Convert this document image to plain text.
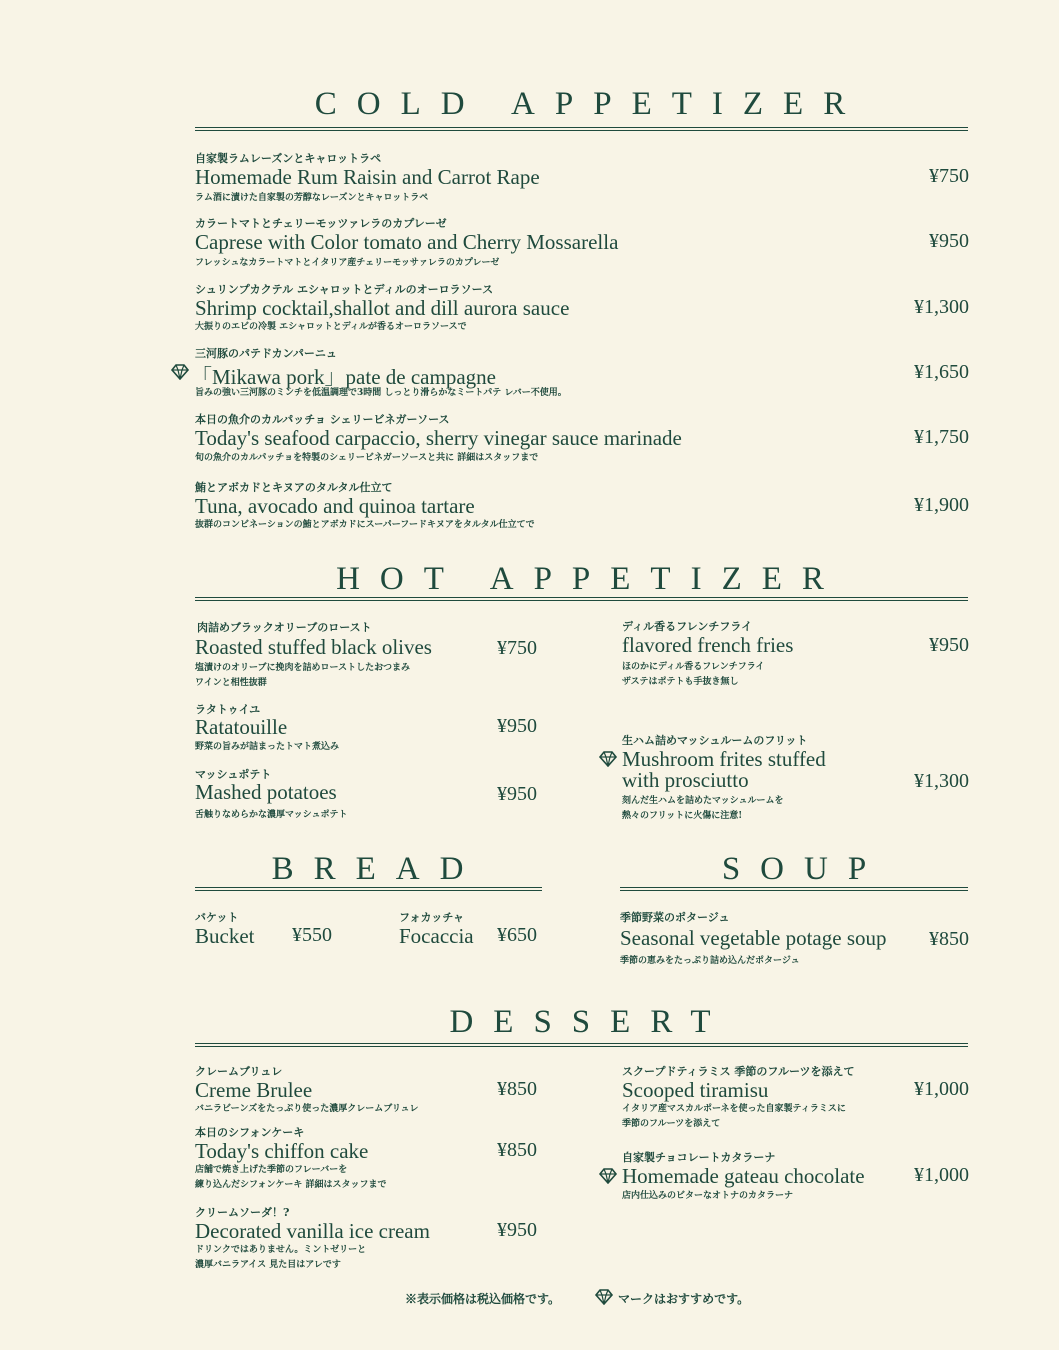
COLD APPETIZER
自家製ラムレーズンとキャロットラペ
Homemade Rum Raisin and Carrot Rape	¥750
ラム酒に漬けた自家製の芳醇なレーズンとキャロットラペ
カラートマトとチェリーモッツァレラのカプレーゼ
Caprese with Color tomato and Cherry Mossarella	¥950
フレッシュなカラートマトとイタリア産チェリーモッサァレラのカプレーゼ
シュリンプカクテル エシャロットとディルのオーロラソース
Shrimp cocktail,shallot and dill aurora sauce	¥1,300
大振りのエビの冷製 エシャロットとディルが香るオーロラソースで
三河豚のパテドカンパーニュ
「Mikawa pork」pate de campagne	¥1,650
旨みの強い三河豚のミンチを低温調理で3時間 しっとり滑らかなミートパテ レバー不使用。
本日の魚介のカルパッチョ シェリービネガーソース
Today's seafood carpaccio, sherry vinegar sauce marinade	¥1,750
旬の魚介のカルパッチョを特製のシェリービネガーソースと共に 詳細はスタッフまで
鮪とアボカドとキヌアのタルタル仕立て
Tuna, avocado and quinoa tartare	¥1,900
抜群のコンビネーションの鮪とアボカドにスーパーフードキヌアをタルタル仕立てで
HOT APPETIZER
肉詰めブラックオリーブのロースト
Roasted stuffed black olives	¥750
塩漬けのオリーブに挽肉を詰めローストしたおつまみ
ワインと相性抜群
ラタトゥイユ
Ratatouille	¥950
野菜の旨みが詰まったトマト煮込み
マッシュポテト
Mashed potatoes	¥950
舌触りなめらかな濃厚マッシュポテト
ディル香るフレンチフライ
flavored french fries	¥950
ほのかにディル香るフレンチフライ
ザステはポテトも手抜き無し
生ハム詰めマッシュルームのフリット
Mushroom frites stuffed
with prosciutto	¥1,300
刻んだ生ハムを詰めたマッシュルームを
熱々のフリットに火傷に注意!
BREAD
バケット
Bucket ¥550
フォカッチャ
Focaccia ¥650
SOUP
季節野菜のポタージュ
Seasonal vegetable potage soup ¥850
季節の恵みをたっぷり詰め込んだポタージュ
DESSERT
クレームブリュレ
Creme Brulee	¥850
バニラビーンズをたっぷり使った濃厚クレームブリュレ
本日のシフォンケーキ
Today's chiffon cake	¥850
店舗で焼き上げた季節のフレーバーを
練り込んだシフォンケーキ 詳細はスタッフまで
クリームソーダ！?
Decorated vanilla ice cream	¥950
ドリンクではありません。ミントゼリーと
濃厚バニラアイス 見た目はアレです
スクープドティラミス 季節のフルーツを添えて
Scooped tiramisu	¥1,000
イタリア産マスカルポーネを使った自家製ティラミスに
季節のフルーツを添えて
自家製チョコレートカタラーナ
Homemade gateau chocolate ¥1,000
店内仕込みのビターなオトナのカタラーナ
※表示価格は税込価格です。	マークはおすすめです。
